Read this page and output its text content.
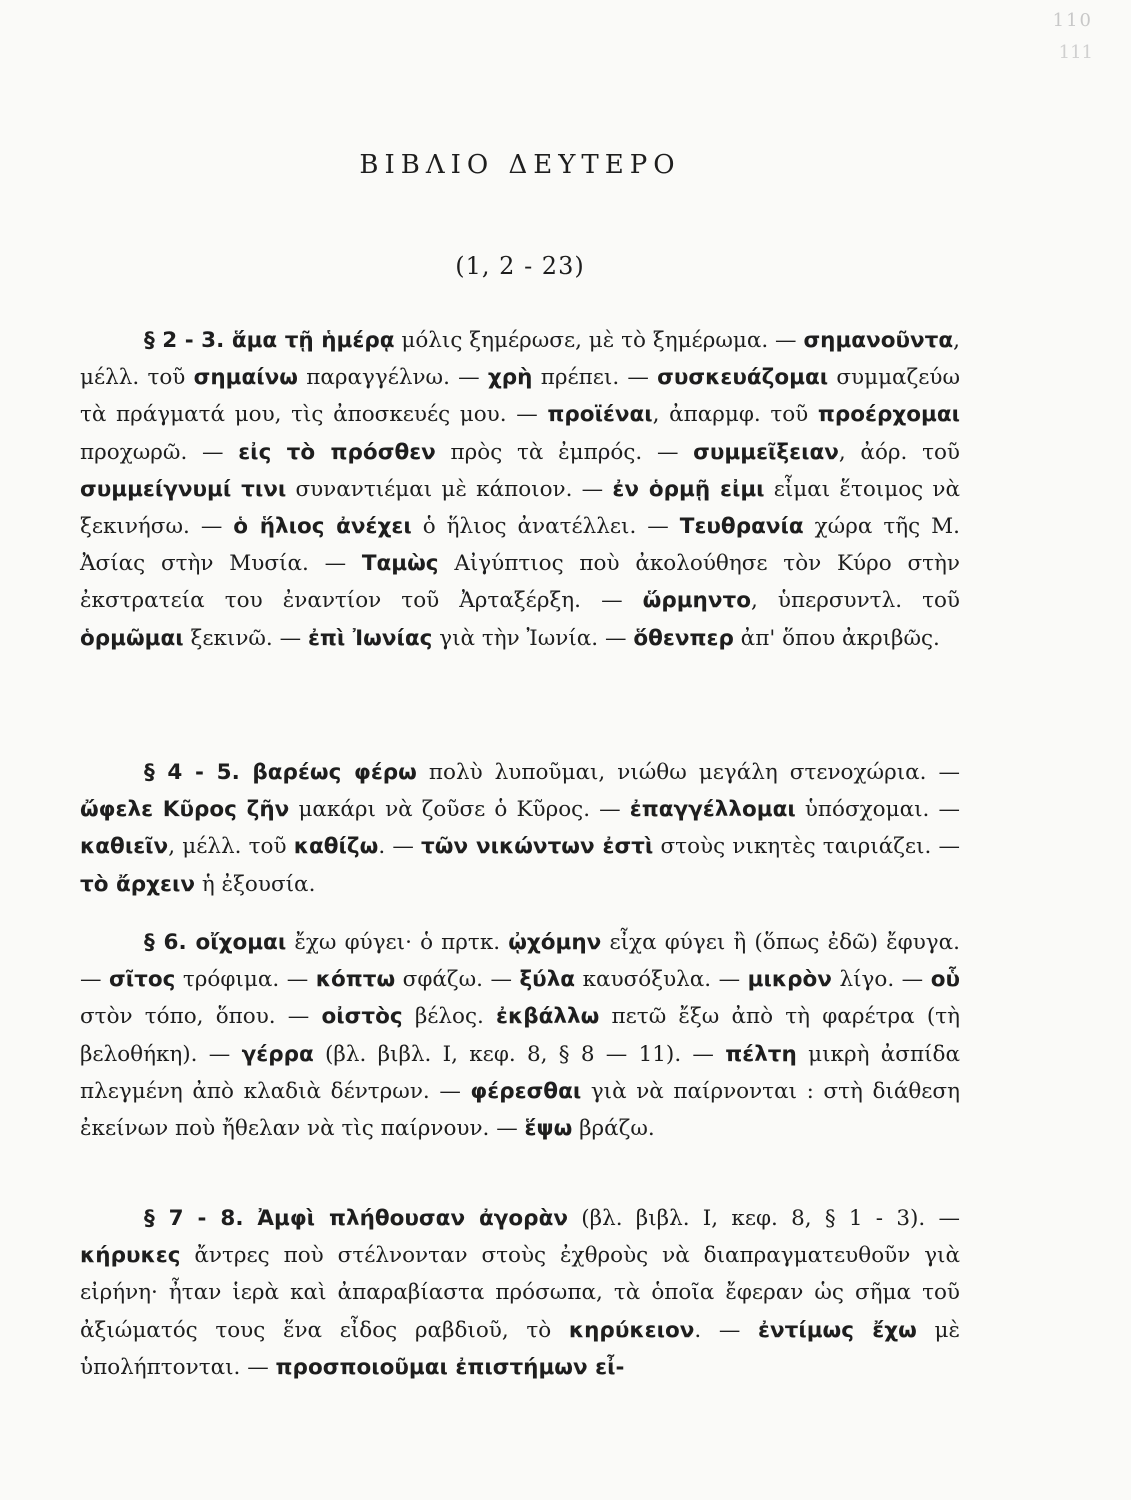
110
111
ΒΙΒΛΙΟ ΔΕΥΤΕΡΟ
(1, 2 - 23)

§ 2 - 3. ἅμα τῇ ἡμέρᾳ μόλις ξημέρωσε, μὲ τὸ ξημέρωμα. — σημανοῦντα, μέλλ. τοῦ σημαίνω παραγγέλνω. — χρὴ πρέπει. — συσκευάζομαι συμμαζεύω τὰ πράγματά μου, τὶς ἀποσκευές μου. — προϊέναι, ἀπαρμφ. τοῦ προέρχομαι προχωρῶ. — εἰς τὸ πρόσθεν πρὸς τὰ ἐμπρός. — συμμεῖξειαν, ἀόρ. τοῦ συμμείγνυμί τινι συναντιέμαι μὲ κάποιον. — ἐν ὁρμῇ εἰμι εἶμαι ἕτοιμος νὰ ξεκινήσω. — ὁ ἥλιος ἀνέχει ὁ ἥλιος ἀνατέλλει. — Τευθρανία χώρα τῆς Μ. Ἀσίας στὴν Μυσία. — Ταμὼς Αἰγύπτιος ποὺ ἀκολούθησε τὸν Κύρο στὴν ἐκστρατεία του ἐναντίον τοῦ Ἀρταξέρξη. — ὥρμηντο, ὑπερσυντλ. τοῦ ὁρμῶμαι ξεκινῶ. — ἐπὶ Ἰωνίας γιὰ τὴν Ἰωνία. — ὅθενπερ ἀπ' ὅπου ἀκριβῶς.

§ 4 - 5. βαρέως φέρω πολὺ λυποῦμαι, νιώθω μεγάλη στενοχώρια. — ὤφελε Κῦρος ζῆν μακάρι νὰ ζοῦσε ὁ Κῦρος. — ἐπαγγέλλομαι ὑπόσχομαι. — καθιεῖν, μέλλ. τοῦ καθίζω. — τῶν νικώντων ἐστὶ στοὺς νικητὲς ταιριάζει. — τὸ ἄρχειν ἡ ἐξουσία.

§ 6. οἴχομαι ἔχω φύγει· ὁ πρτκ. ᾠχόμην εἶχα φύγει ἢ (ὅπως ἐδῶ) ἔφυγα. — σῖτος τρόφιμα. — κόπτω σφάζω. — ξύλα καυσόξυλα. — μικρὸν λίγο. — οὗ στὸν τόπο, ὅπου. — οἰστὸς βέλος. ἐκβάλλω πετῶ ἔξω ἀπὸ τὴ φαρέτρα (τὴ βελοθήκη). — γέρρα (βλ. βιβλ. Ι, κεφ. 8, § 8 — 11). — πέλτη μικρὴ ἀσπίδα πλεγμένη ἀπὸ κλαδιὰ δέντρων. — φέρεσθαι γιὰ νὰ παίρνονται : στὴ διάθεση ἐκείνων ποὺ ἤθελαν νὰ τὶς παίρνουν. — ἕψω βράζω.

§ 7 - 8. Ἀμφὶ πλήθουσαν ἀγορὰν (βλ. βιβλ. Ι, κεφ. 8, § 1 - 3). — κήρυκες ἄντρες ποὺ στέλνονταν στοὺς ἐχθροὺς νὰ διαπραγματευθοῦν γιὰ εἰρήνη· ἦταν ἱερὰ καὶ ἀπαραβίαστα πρόσωπα, τὰ ὁποῖα ἔφεραν ὡς σῆμα τοῦ ἀξιώματός τους ἕνα εἶδος ραβδιοῦ, τὸ κηρύκειον. — ἐντίμως ἔχω μὲ ὑπολήπτονται. — προσποιοῦμαι ἐπιστήμων εἶ-
